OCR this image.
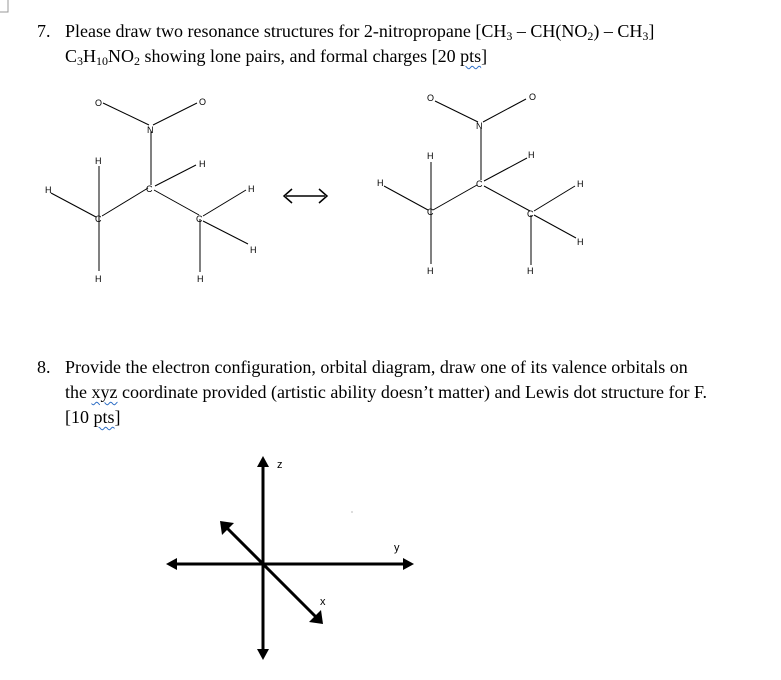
7. Please draw two resonance structures for 2-nitropropane $[CH_3 - CH(NO_2) - CH_3]$
$C_3H_{10}NO_2$ showing lone pairs, and formal charges [20 pts]
O	O
N
C
C
C
H	H
H	H
H
H	H
O	O
N
C
C
C
H	H
H	H
H
H	H
8. Provide the electron configuration, orbital diagram, draw one of its valence orbitals on
the xyz coordinate provided (artistic ability doesn’t matter) and Lewis dot structure for F.
[10 pts]
z
y
x
